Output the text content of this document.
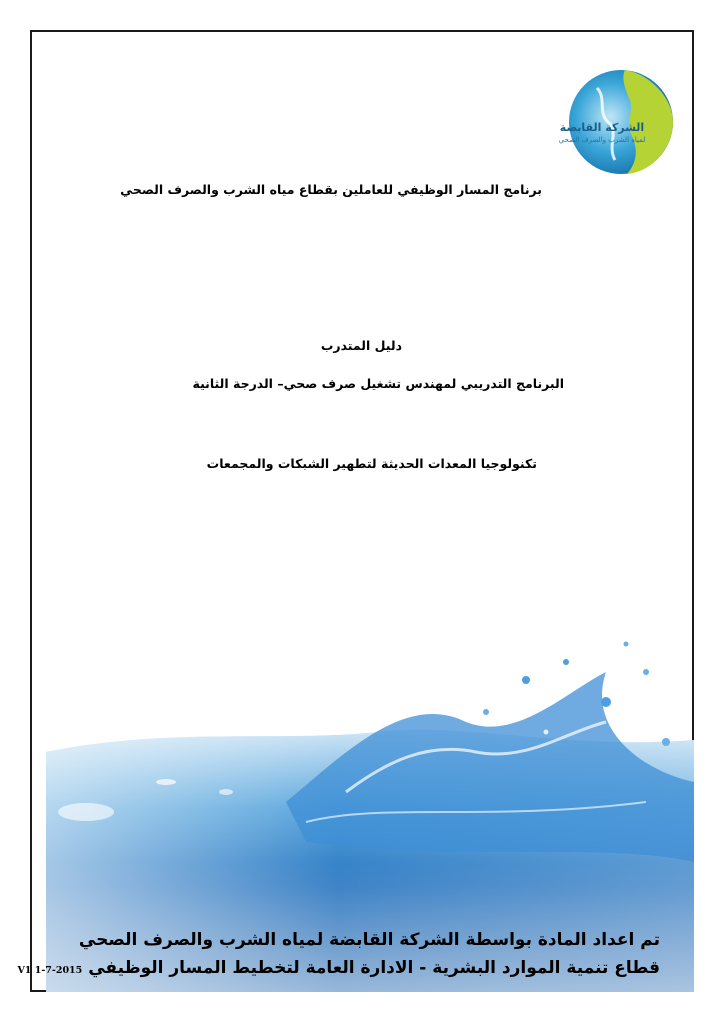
الشركة القابضة
لمياه الشرب والصرف الصحي
برنامج المسار الوظيفي للعاملين بقطاع مياه الشرب والصرف الصحي
دليل المتدرب
البرنامج التدريبي لمهندس تشغيل صرف صحي– الدرجة الثانية
تكنولوجيا المعدات الحديثة لتطهير الشبكات والمجمعات
تم اعداد المادة بواسطة الشركة القابضة لمياه الشرب والصرف الصحي
قطاع تنمية الموارد البشرية - الادارة العامة لتخطيط المسار الوظيفي V1 1-7-2015
